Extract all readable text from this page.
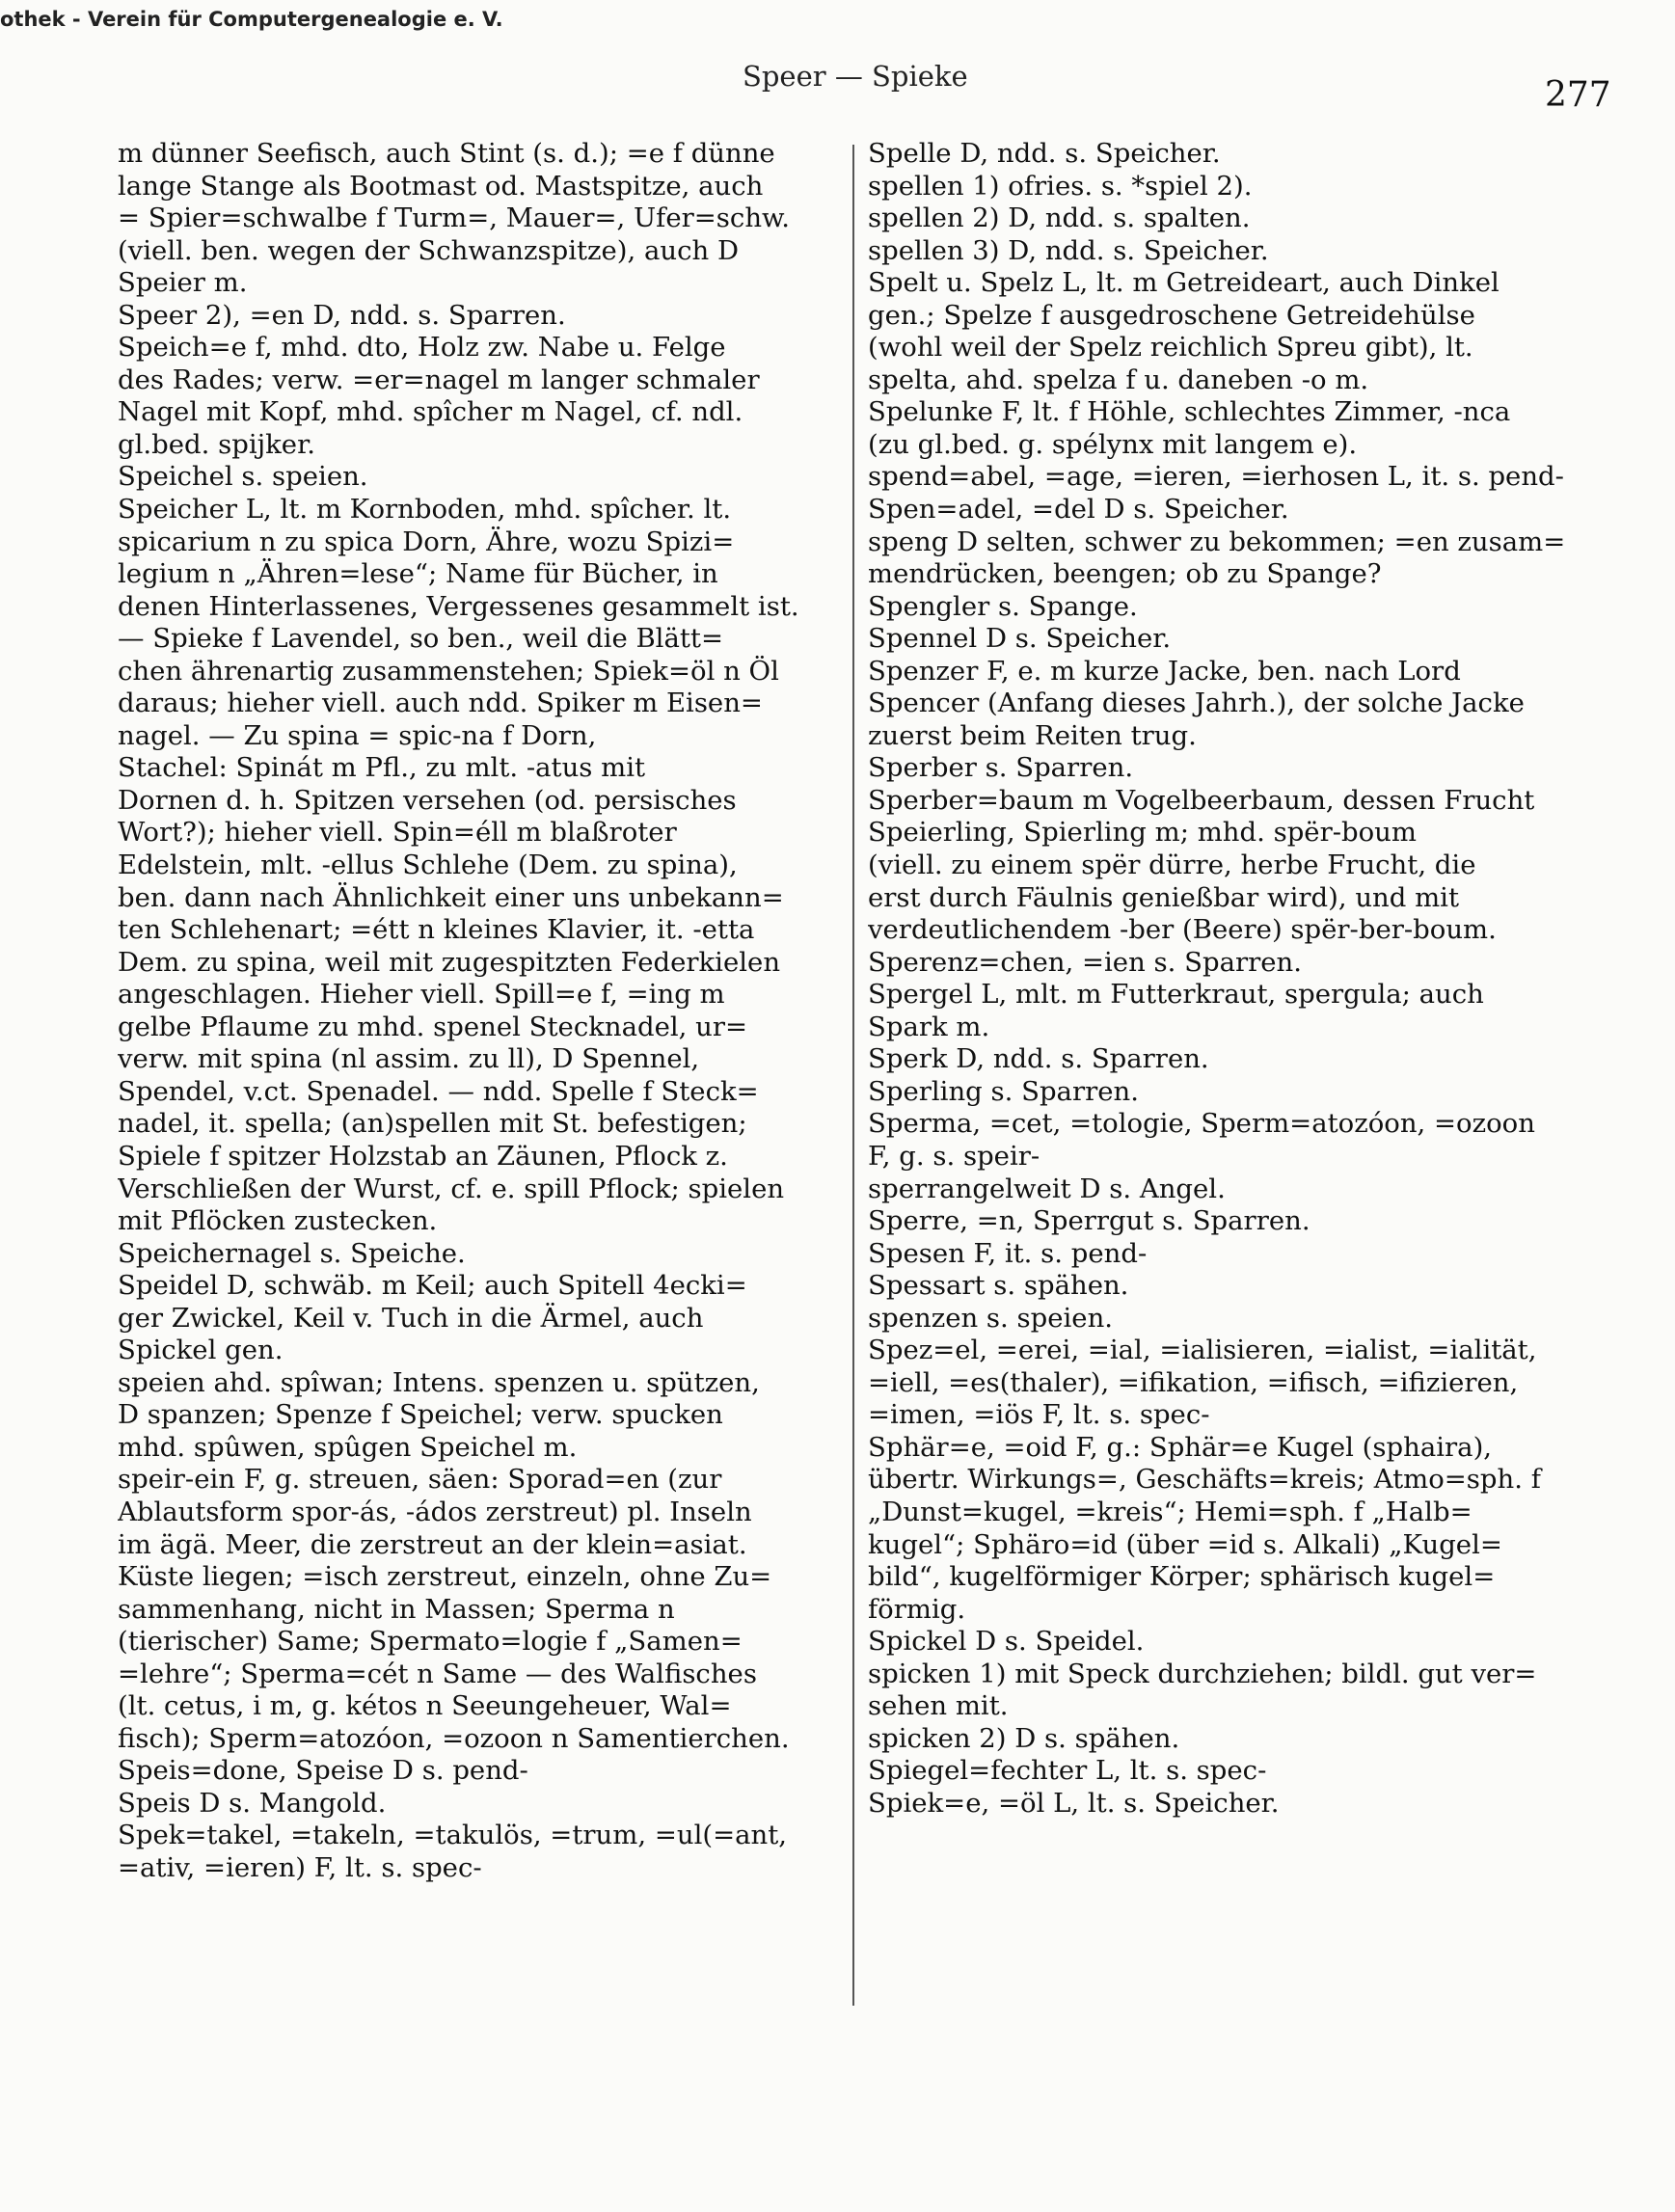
othek - Verein für Computergenealogie e. V.
Speer — Spieke	277
m dünner Seefisch, auch Stint (s. d.); =e f dünne
lange Stange als Bootmast od. Mastspitze, auch
= Spier=schwalbe f Turm=, Mauer=, Ufer=schw.
(viell. ben. wegen der Schwanzspitze), auch D
Speier m.
Speer 2), =en D, ndd. s. Sparren.
Speich=e f, mhd. dto, Holz zw. Nabe u. Felge
des Rades; verw. =er=nagel m langer schmaler
Nagel mit Kopf, mhd. spîcher m Nagel, cf. ndl.
gl.bed. spijker.
Speichel s. speien.
Speicher L, lt. m Kornboden, mhd. spîcher. lt.
spicarium n zu spica Dorn, Ähre, wozu Spizi=
legium n „Ähren=lese“; Name für Bücher, in
denen Hinterlassenes, Vergessenes gesammelt ist.
— Spieke f Lavendel, so ben., weil die Blätt=
chen ährenartig zusammenstehen; Spiek=öl n Öl
daraus; hieher viell. auch ndd. Spiker m Eisen=
nagel. — Zu spina = spic-na f Dorn,
Stachel: Spinát m Pfl., zu mlt. -atus mit
Dornen d. h. Spitzen versehen (od. persisches
Wort?); hieher viell. Spin=éll m blaßroter
Edelstein, mlt. -ellus Schlehe (Dem. zu spina),
ben. dann nach Ähnlichkeit einer uns unbekann=
ten Schlehenart; =étt n kleines Klavier, it. -etta
Dem. zu spina, weil mit zugespitzten Federkielen
angeschlagen. Hieher viell. Spill=e f, =ing m
gelbe Pflaume zu mhd. spenel Stecknadel, ur=
verw. mit spina (nl assim. zu ll), D Spennel,
Spendel, v.ct. Spenadel. — ndd. Spelle f Steck=
nadel, it. spella; (an)spellen mit St. befestigen;
Spiele f spitzer Holzstab an Zäunen, Pflock z.
Verschließen der Wurst, cf. e. spill Pflock; spielen
mit Pflöcken zustecken.
Speichernagel s. Speiche.
Speidel D, schwäb. m Keil; auch Spitell 4ecki=
ger Zwickel, Keil v. Tuch in die Ärmel, auch
Spickel gen.
speien ahd. spîwan; Intens. spenzen u. spützen,
D spanzen; Spenze f Speichel; verw. spucken
mhd. spûwen, spûgen Speichel m.
speir-ein F, g. streuen, säen: Sporad=en (zur
Ablautsform spor-ás, -ádos zerstreut) pl. Inseln
im ägä. Meer, die zerstreut an der klein=asiat.
Küste liegen; =isch zerstreut, einzeln, ohne Zu=
sammenhang, nicht in Massen; Sperma n
(tierischer) Same; Spermato=logie f „Samen=
=lehre“; Sperma=cét n Same — des Walfisches
(lt. cetus, i m, g. kétos n Seeungeheuer, Wal=
fisch); Sperm=atozóon, =ozoon n Samentierchen.
Speis=done, Speise D s. pend-
Speis D s. Mangold.
Spek=takel, =takeln, =takulös, =trum, =ul(=ant,
=ativ, =ieren) F, lt. s. spec-
Spelle D, ndd. s. Speicher.
spellen 1) ofries. s. *spiel 2).
spellen 2) D, ndd. s. spalten.
spellen 3) D, ndd. s. Speicher.
Spelt u. Spelz L, lt. m Getreideart, auch Dinkel
gen.; Spelze f ausgedroschene Getreidehülse
(wohl weil der Spelz reichlich Spreu gibt), lt.
spelta, ahd. spelza f u. daneben -o m.
Spelunke F, lt. f Höhle, schlechtes Zimmer, -nca
(zu gl.bed. g. spélynx mit langem e).
spend=abel, =age, =ieren, =ierhosen L, it. s. pend-
Spen=adel, =del D s. Speicher.
speng D selten, schwer zu bekommen; =en zusam=
mendrücken, beengen; ob zu Spange?
Spengler s. Spange.
Spennel D s. Speicher.
Spenzer F, e. m kurze Jacke, ben. nach Lord
Spencer (Anfang dieses Jahrh.), der solche Jacke
zuerst beim Reiten trug.
Sperber s. Sparren.
Sperber=baum m Vogelbeerbaum, dessen Frucht
Speierling, Spierling m; mhd. spër-boum
(viell. zu einem spër dürre, herbe Frucht, die
erst durch Fäulnis genießbar wird), und mit
verdeutlichendem -ber (Beere) spër-ber-boum.
Sperenz=chen, =ien s. Sparren.
Spergel L, mlt. m Futterkraut, spergula; auch
Spark m.
Sperk D, ndd. s. Sparren.
Sperling s. Sparren.
Sperma, =cet, =tologie, Sperm=atozóon, =ozoon
F, g. s. speir-
sperrangelweit D s. Angel.
Sperre, =n, Sperrgut s. Sparren.
Spesen F, it. s. pend-
Spessart s. spähen.
spenzen s. speien.
Spez=el, =erei, =ial, =ialisieren, =ialist, =ialität,
=iell, =es(thaler), =ifikation, =ifisch, =ifizieren,
=imen, =iös F, lt. s. spec-
Sphär=e, =oid F, g.: Sphär=e Kugel (sphaira),
übertr. Wirkungs=, Geschäfts=kreis; Atmo=sph. f
„Dunst=kugel, =kreis“; Hemi=sph. f „Halb=
kugel“; Sphäro=id (über =id s. Alkali) „Kugel=
bild“, kugelförmiger Körper; sphärisch kugel=
förmig.
Spickel D s. Speidel.
spicken 1) mit Speck durchziehen; bildl. gut ver=
sehen mit.
spicken 2) D s. spähen.
Spiegel=fechter L, lt. s. spec-
Spiek=e, =öl L, lt. s. Speicher.
